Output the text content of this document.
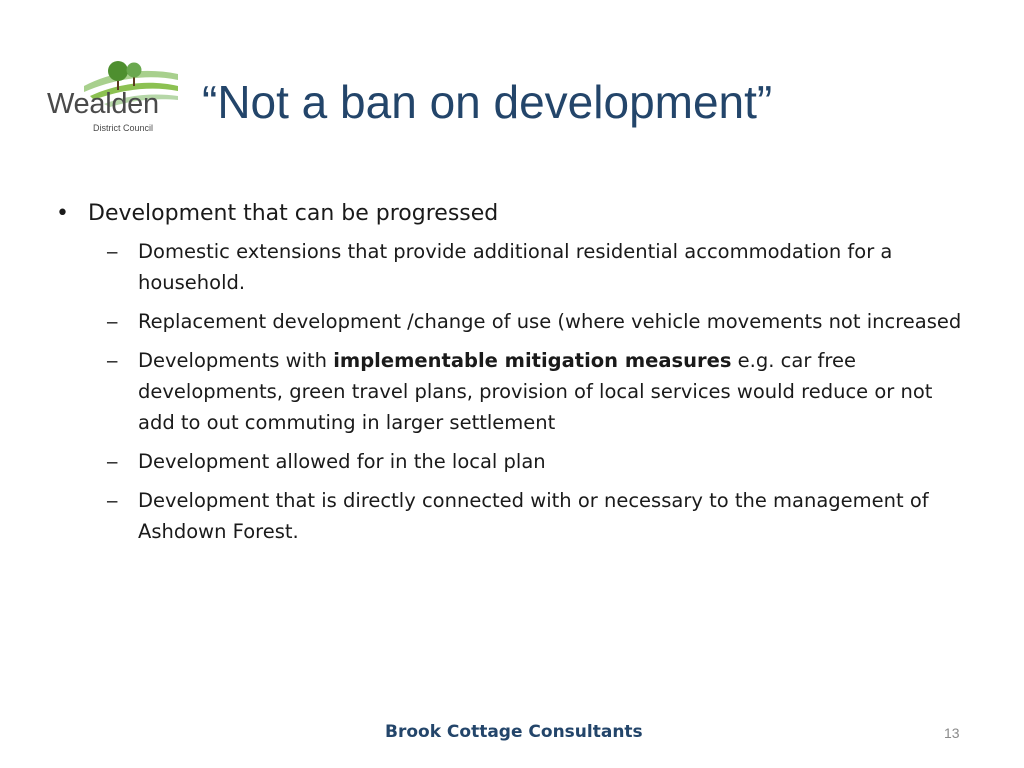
Wealden
District Council “Not a ban on development”
• Development that can be progressed
‒ Domestic extensions that provide additional residential accommodation for a household.
‒ Replacement development /change of use (where vehicle movements not increased
‒ Developments with implementable mitigation measures e.g. car free developments, green travel plans, provision of local services would reduce or not add to out commuting in larger settlement
‒ Development allowed for in the local plan
‒ Development that is directly connected with or necessary to the management of Ashdown Forest.
Brook Cottage Consultants	13
